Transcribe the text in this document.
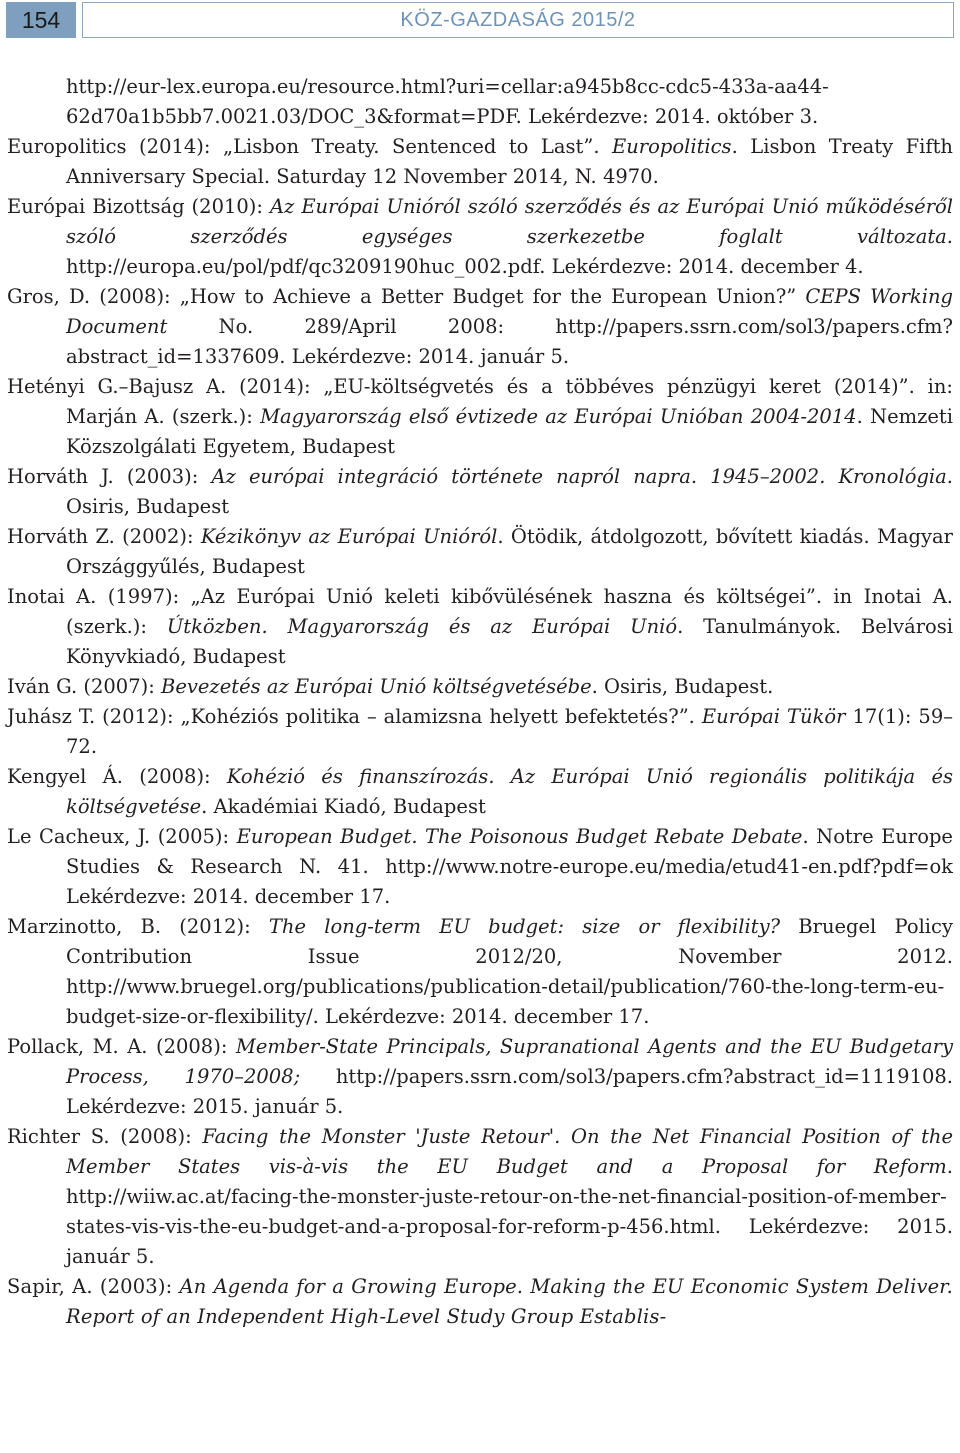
154	KÖZ-GAZDASÁG 2015/2
http://eur-lex.europa.eu/resource.html?uri=cellar:a945b8cc-cdc5-433a-aa44-62d70a1b5bb7.0021.03/DOC_3&format=PDF. Lekérdezve: 2014. október 3.
Europolitics (2014): „Lisbon Treaty. Sentenced to Last”. Europolitics. Lisbon Treaty Fifth Anniversary Special. Saturday 12 November 2014, N. 4970.
Európai Bizottság (2010): Az Európai Unióról szóló szerződés és az Európai Unió működéséről szóló szerződés egységes szerkezetbe foglalt változata. http://europa.eu/pol/pdf/qc3209190huc_002.pdf. Lekérdezve: 2014. december 4.
Gros, D. (2008): „How to Achieve a Better Budget for the European Union?” CEPS Working Document No. 289/April 2008: http://papers.ssrn.com/sol3/papers.cfm?abstract_id=1337609. Lekérdezve: 2014. január 5.
Hetényi G.–Bajusz A. (2014): „EU-költségvetés és a többéves pénzügyi keret (2014)”. in: Marján A. (szerk.): Magyarország első évtizede az Európai Unióban 2004-2014. Nemzeti Közszolgálati Egyetem, Budapest
Horváth J. (2003): Az európai integráció története napról napra. 1945–2002. Kronológia. Osiris, Budapest
Horváth Z. (2002): Kézikönyv az Európai Unióról. Ötödik, átdolgozott, bővített kiadás. Magyar Országgyűlés, Budapest
Inotai A. (1997): „Az Európai Unió keleti kibővülésének haszna és költségei”. in Inotai A. (szerk.): Útközben. Magyarország és az Európai Unió. Tanulmányok. Belvárosi Könyvkiadó, Budapest
Iván G. (2007): Bevezetés az Európai Unió költségvetésébe. Osiris, Budapest.
Juhász T. (2012): „Kohéziós politika – alamizsna helyett befektetés?”. Európai Tükör 17(1): 59–72.
Kengyel Á. (2008): Kohézió és finanszírozás. Az Európai Unió regionális politikája és költségvetése. Akadémiai Kiadó, Budapest
Le Cacheux, J. (2005): European Budget. The Poisonous Budget Rebate Debate. Notre Europe Studies & Research N. 41. http://www.notre-europe.eu/media/etud41-en.pdf?pdf=ok Lekérdezve: 2014. december 17.
Marzinotto, B. (2012): The long-term EU budget: size or flexibility? Bruegel Policy Contribution Issue 2012/20, November 2012. http://www.bruegel.org/publications/publication-detail/publication/760-the-long-term-eu-budget-size-or-flexibility/. Lekérdezve: 2014. december 17.
Pollack, M. A. (2008): Member-State Principals, Supranational Agents and the EU Budgetary Process, 1970–2008; http://papers.ssrn.com/sol3/papers.cfm?abstract_id=1119108. Lekérdezve: 2015. január 5.
Richter S. (2008): Facing the Monster 'Juste Retour'. On the Net Financial Position of the Member States vis-à-vis the EU Budget and a Proposal for Reform. http://wiiw.ac.at/facing-the-monster-juste-retour-on-the-net-financial-position-of-member-states-vis-vis-the-eu-budget-and-a-proposal-for-reform-p-456.html. Lekérdezve: 2015. január 5.
Sapir, A. (2003): An Agenda for a Growing Europe. Making the EU Economic System Deliver. Report of an Independent High-Level Study Group Establis-
